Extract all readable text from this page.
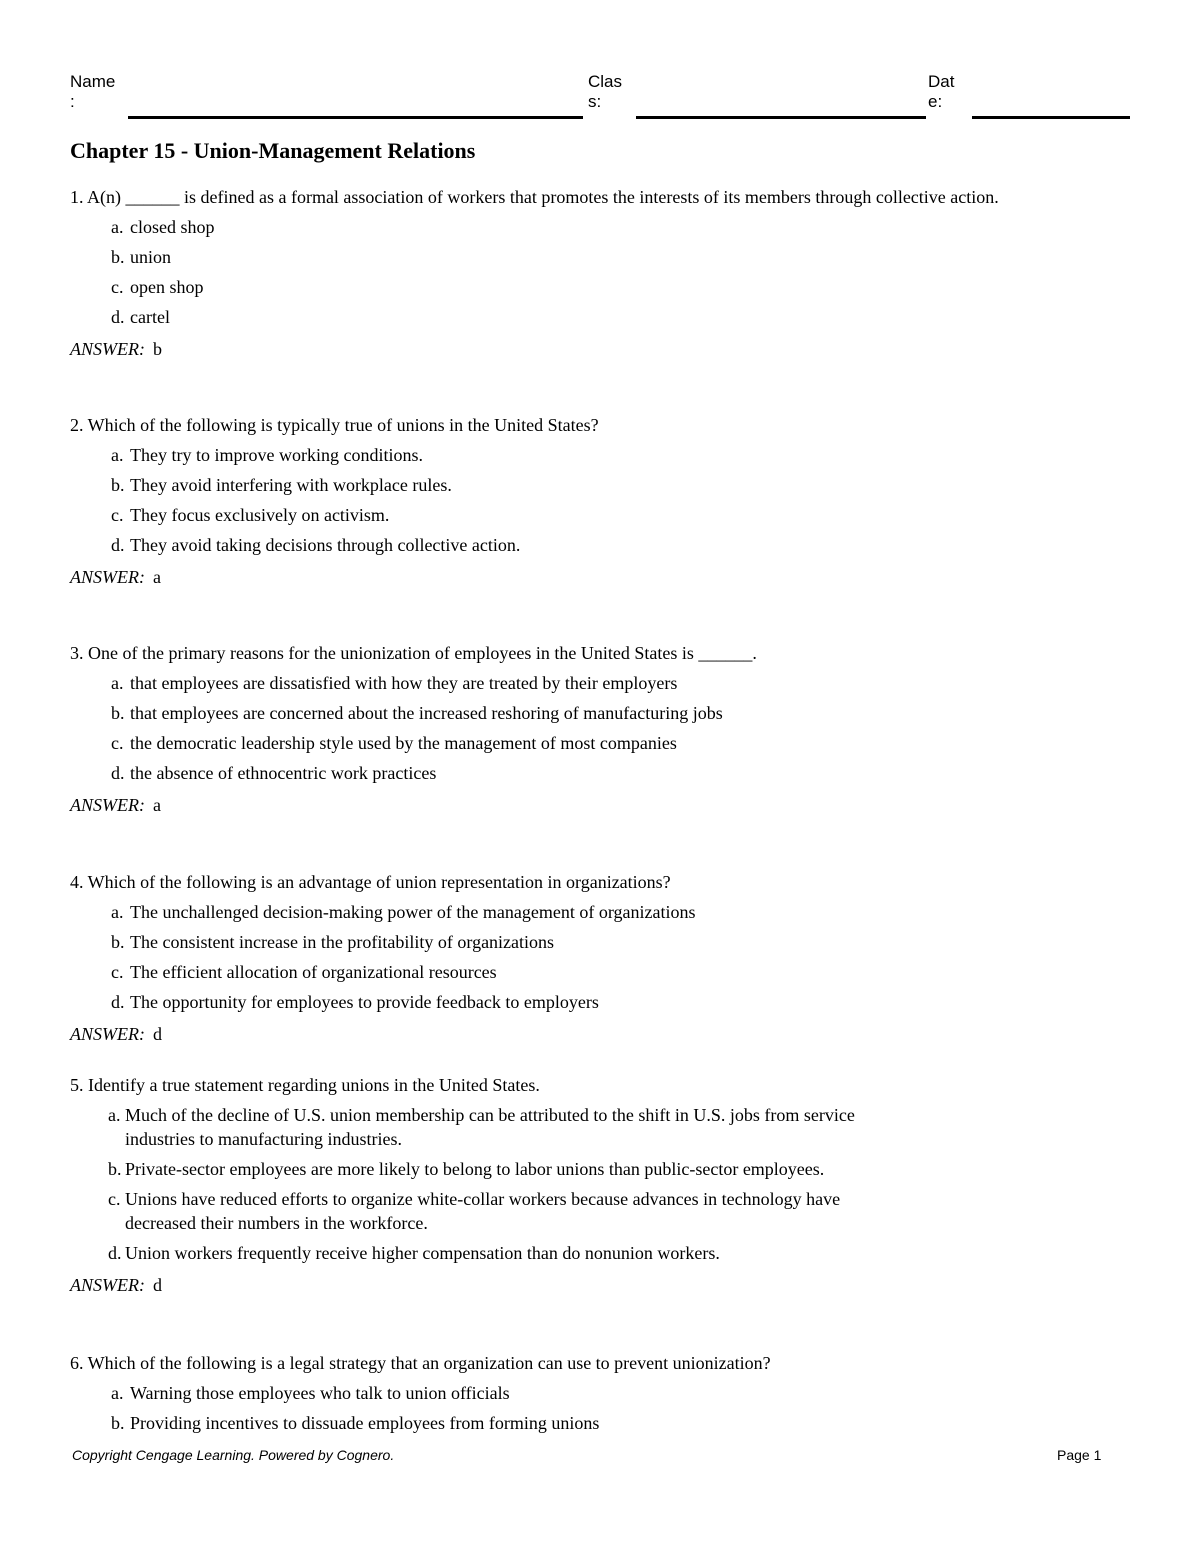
Name
:
Clas
s:
Dat
e:
Chapter 15 - Union-Management Relations
1. A(n) ______ is defined as a formal association of workers that promotes the interests of its members through collective action.
a. closed shop
b. union
c. open shop
d. cartel
ANSWER: b
2. Which of the following is typically true of unions in the United States?
a. They try to improve working conditions.
b. They avoid interfering with workplace rules.
c. They focus exclusively on activism.
d. They avoid taking decisions through collective action.
ANSWER: a
3. One of the primary reasons for the unionization of employees in the United States is ______.
a. that employees are dissatisfied with how they are treated by their employers
b. that employees are concerned about the increased reshoring of manufacturing jobs
c. the democratic leadership style used by the management of most companies
d. the absence of ethnocentric work practices
ANSWER: a
4. Which of the following is an advantage of union representation in organizations?
a. The unchallenged decision-making power of the management of organizations
b. The consistent increase in the profitability of organizations
c. The efficient allocation of organizational resources
d. The opportunity for employees to provide feedback to employers
ANSWER: d
5. Identify a true statement regarding unions in the United States.
a. Much of the decline of U.S. union membership can be attributed to the shift in U.S. jobs from service industries to manufacturing industries.
b. Private-sector employees are more likely to belong to labor unions than public-sector employees.
c. Unions have reduced efforts to organize white-collar workers because advances in technology have decreased their numbers in the workforce.
d. Union workers frequently receive higher compensation than do nonunion workers.
ANSWER: d
6. Which of the following is a legal strategy that an organization can use to prevent unionization?
a. Warning those employees who talk to union officials
b. Providing incentives to dissuade employees from forming unions
Copyright Cengage Learning. Powered by Cognero.	Page 1
